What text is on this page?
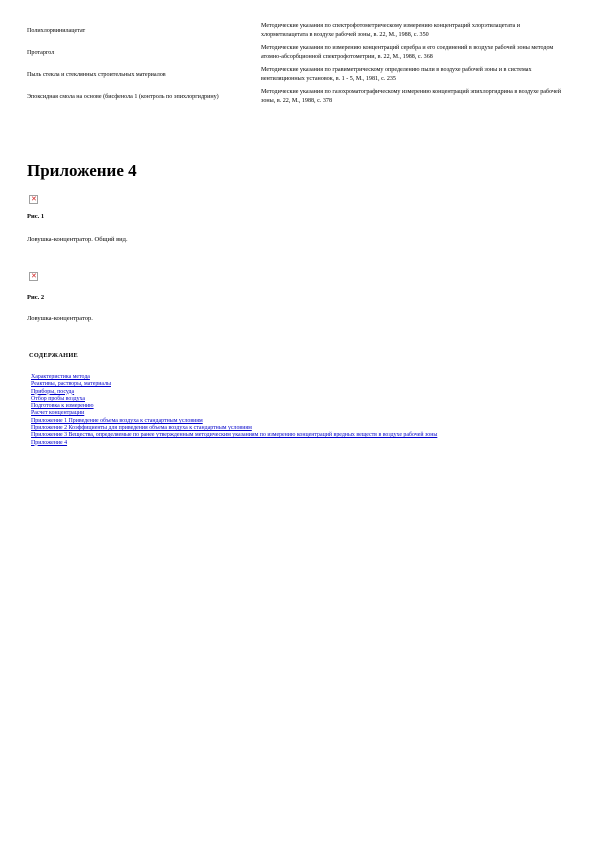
Полихлорвинилацетат	Методические указания по спектрофотометрическому измерению концентраций хлорэтилацетата и хлорметилацетата в воздухе рабочей зоны, в. 22, М., 1988, с. 350
Протаргол	Методические указания по измерению концентраций серебра и его соединений в воздухе рабочей зоны методом атомно-абсорбционной спектрофотометрии, в. 22, М., 1988, с. 368
Пыль стекла и стеклянных строительных материалов	Методические указания по гравиметрическому определению пыли в воздухе рабочей зоны и в системах вентиляционных установок, в. 1 - 5, М., 1981, с. 235
Эпоксидная смола на основе (бисфенола 1 (контроль по эпихлоргидрину)	Методические указания по газохроматографическому измерению концентраций эпихлоргидрина в воздухе рабочей зоны, в. 22, М., 1988, с. 378
Приложение 4
✕

Рис. 1

Ловушка-концентратор. Общий вид.

✕

Рис. 2

Ловушка-концентратор.

СОДЕРЖАНИЕ

Характеристика метода
Реактивы, растворы, материалы
Приборы, посуда
Отбор пробы воздуха
Подготовка к измерению
Расчет концентрации
Приложение 1 Приведение объема воздуха к стандартным условиям
Приложение 2 Коэффициенты для приведения объема воздуха к стандартным условиям
Приложение 3 Вещества, определяемые по ранее утвержденным методическим указаниям по измерению концентраций вредных веществ в воздухе рабочей зоны
Приложение 4
